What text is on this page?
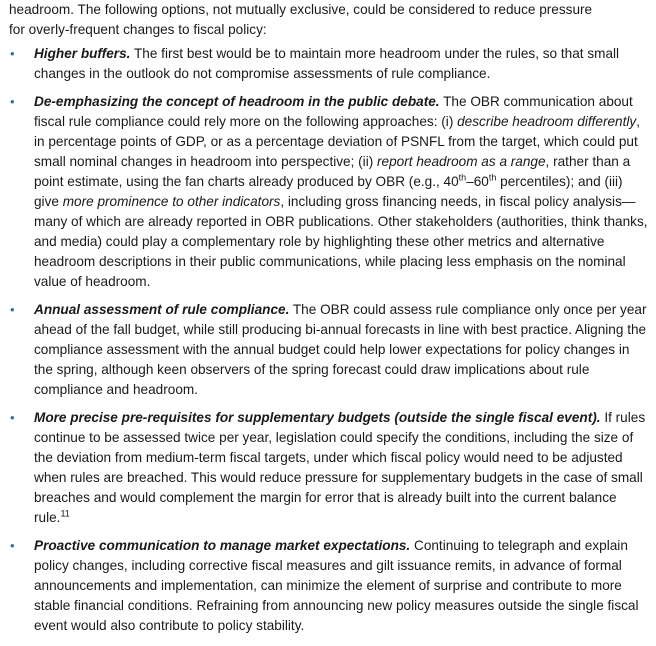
headroom. The following options, not mutually exclusive, could be considered to reduce pressure
for overly-frequent changes to fiscal policy:

• Higher buffers. The first best would be to maintain more headroom under the rules, so that small changes in the outlook do not compromise assessments of rule compliance.
• De-emphasizing the concept of headroom in the public debate. The OBR communication about fiscal rule compliance could rely more on the following approaches: (i) describe headroom differently, in percentage points of GDP, or as a percentage deviation of PSNFL from the target, which could put small nominal changes in headroom into perspective; (ii) report headroom as a range, rather than a point estimate, using the fan charts already produced by OBR (e.g., 40th–60th percentiles); and (iii) give more prominence to other indicators, including gross financing needs, in fiscal policy analysis—many of which are already reported in OBR publications. Other stakeholders (authorities, think thanks, and media) could play a complementary role by highlighting these other metrics and alternative headroom descriptions in their public communications, while placing less emphasis on the nominal value of headroom.
• Annual assessment of rule compliance. The OBR could assess rule compliance only once per year ahead of the fall budget, while still producing bi-annual forecasts in line with best practice. Aligning the compliance assessment with the annual budget could help lower expectations for policy changes in the spring, although keen observers of the spring forecast could draw implications about rule compliance and headroom.
• More precise pre-requisites for supplementary budgets (outside the single fiscal event). If rules continue to be assessed twice per year, legislation could specify the conditions, including the size of the deviation from medium-term fiscal targets, under which fiscal policy would need to be adjusted when rules are breached. This would reduce pressure for supplementary budgets in the case of small breaches and would complement the margin for error that is already built into the current balance rule.$^{11}$
• Proactive communication to manage market expectations. Continuing to telegraph and explain policy changes, including corrective fiscal measures and gilt issuance remits, in advance of formal announcements and implementation, can minimize the element of surprise and contribute to more stable financial conditions. Refraining from announcing new policy measures outside the single fiscal event would also contribute to policy stability.
